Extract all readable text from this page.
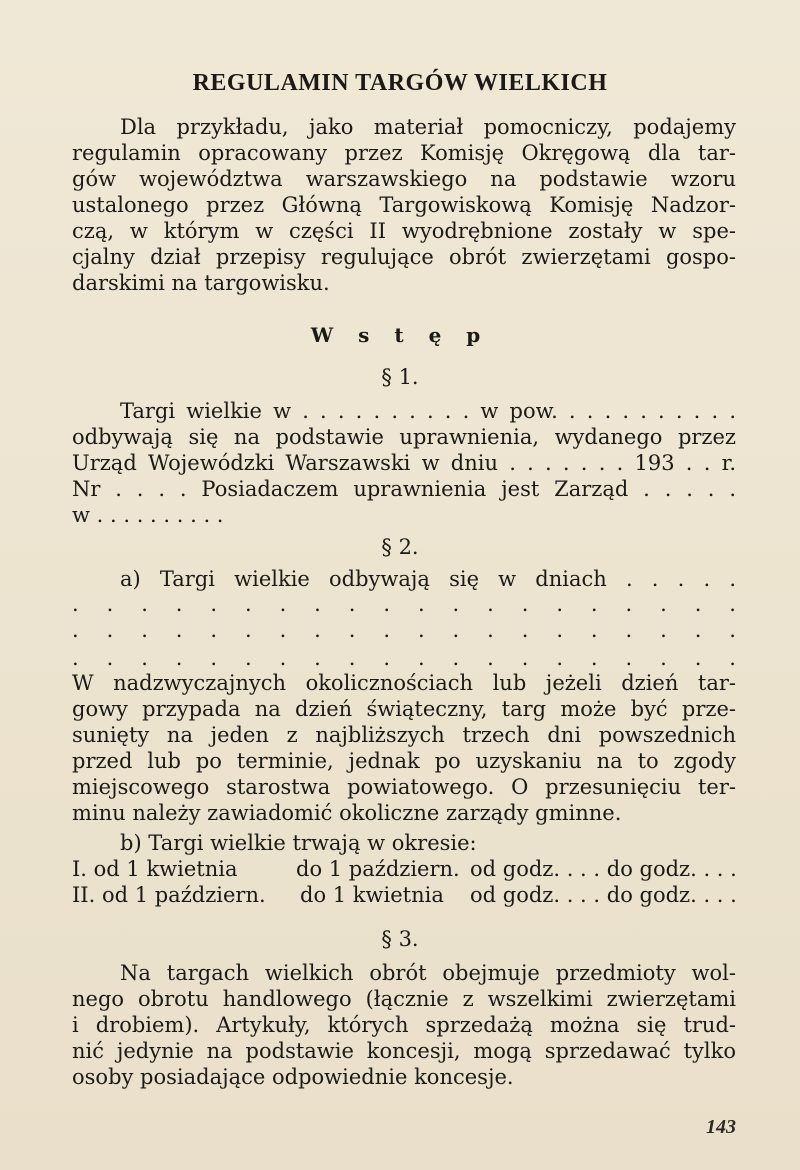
REGULAMIN TARGÓW WIELKICH
Dla przykładu, jako materiał pomocniczy, podajemy
regulamin opracowany przez Komisję Okręgową dla tar-
gów województwa warszawskiego na podstawie wzoru
ustalonego przez Główną Targowiskową Komisję Nadzor-
czą, w którym w części II wyodrębnione zostały w spe-
cjalny dział przepisy regulujące obrót zwierzętami gospo-
darskimi na targowisku.
W s t ę p
§ 1.
Targi wielkie w . . . . . . . . . . w pow. . . . . . . . . . .
odbywają się na podstawie uprawnienia, wydanego przez
Urząd Wojewódzki Warszawski w dniu . . . . . . . 193 . . r.
Nr . . . . Posiadaczem uprawnienia jest Zarząd . . . . .
w . . . . . . . . . .
§ 2.
a) Targi wielkie odbywają się w dniach . . . . .
. . . . . . . . . . . . . . . . . . . .
. . . . . . . . . . . . . . . . . . . .
. . . . . . . . . . . . . . . . . . . .
W nadzwyczajnych okolicznościach lub jeżeli dzień tar-
gowy przypada na dzień świąteczny, targ może być prze-
sunięty na jeden z najbliższych trzech dni powszednich
przed lub po terminie, jednak po uzyskaniu na to zgody
miejscowego starostwa powiatowego. O przesunięciu ter-
minu należy zawiadomić okoliczne zarządy gminne.
b) Targi wielkie trwają w okresie:
I. od 1 kwietnia	do 1 październ. od godz. . . . do godz. . . .
II. od 1 październ. do 1 kwietnia od godz. . . . do godz. . . .
§ 3.
Na targach wielkich obrót obejmuje przedmioty wol-
nego obrotu handlowego (łącznie z wszelkimi zwierzętami
i drobiem). Artykuły, których sprzedażą można się trud-
nić jedynie na podstawie koncesji, mogą sprzedawać tylko
osoby posiadające odpowiednie koncesje.
143
